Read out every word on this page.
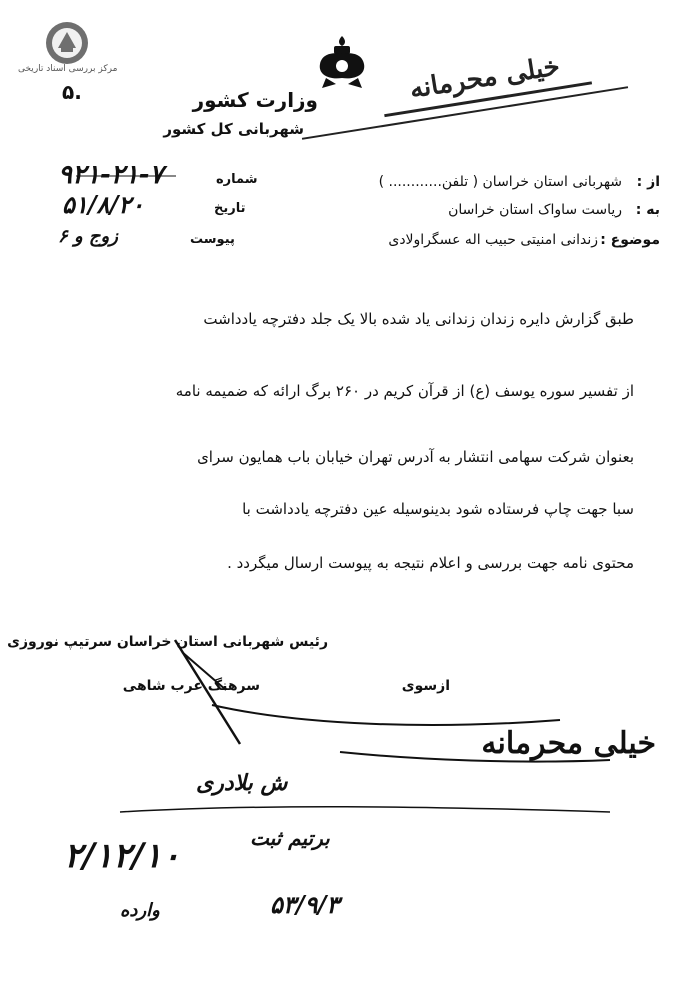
مرکز بررسی اسناد تاریخی
۵.	خیلی محرمانه
وزارت کشور
شهربانی کل کشور
از :
شهربانی استان خراسان ( تلفن............ )
به :
ریاست ساواک استان خراسان
موضوع :
زندانی امنیتی حبیب اله عسگراولادی
شماره
۹۲۱-۲۱-۷
تاریخ
۵۱/۸/۲۰
پیوست
زوج و ۶
طبق گزارش دایره زندان زندانی یاد شده بالا یک جلد دفترچه یادداشت
از تفسیر سوره یوسف (ع) از قرآن کریم در ۲۶۰ برگ ارائه که ضمیمه نامه
بعنوان شرکت سهامی انتشار به آدرس تهران خیابان باب همایون سرای
سبا جهت چاپ فرستاده شود بدینوسیله عین دفترچه یادداشت با
محتوی نامه جهت بررسی و اعلام نتیجه به پیوست ارسال میگردد .
رئیس شهربانی استان خراسان سرتیپ نوروزی
ازسوی
سرهنگ عرب شاهی
خیلی محرمانه
ش بلادری
برتیم ثبت
۲/۱۲/۱۰
۵۳/۹/۳
وارده
